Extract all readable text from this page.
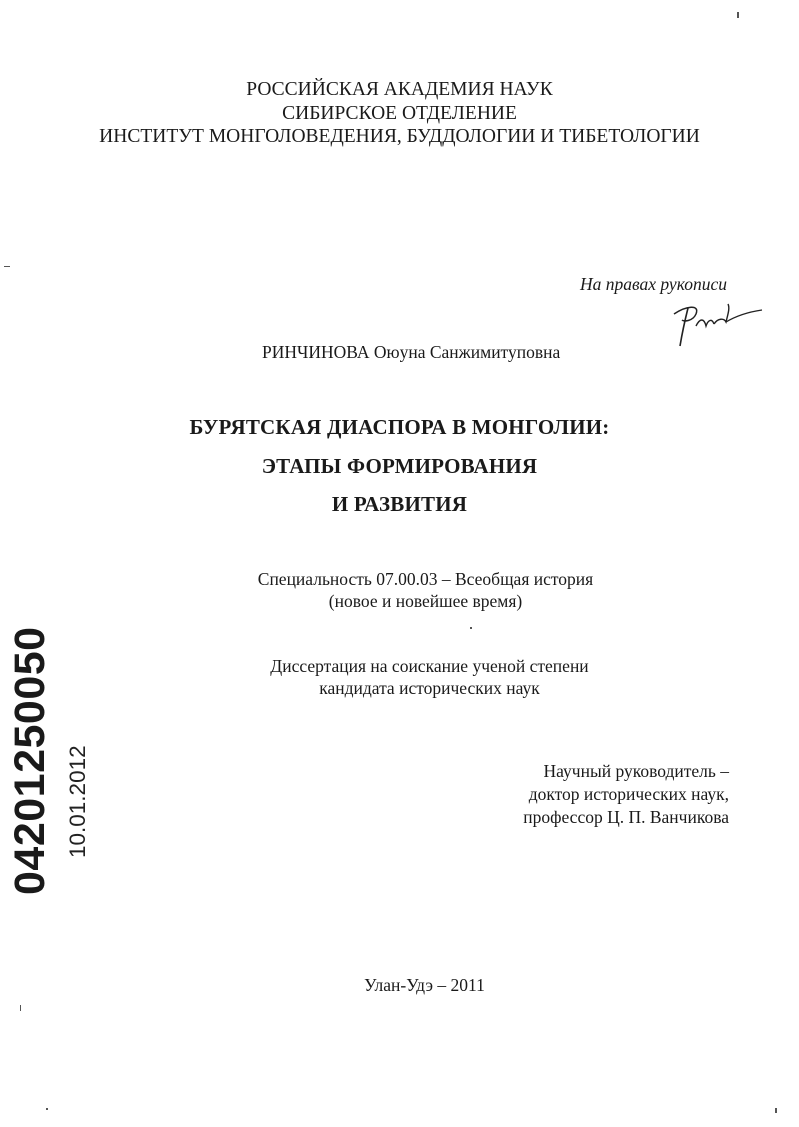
РОССИЙСКАЯ АКАДЕМИЯ НАУК
СИБИРСКОЕ ОТДЕЛЕНИЕ
ИНСТИТУТ МОНГОЛОВЕДЕНИЯ, БУДДОЛОГИИ И ТИБЕТОЛОГИИ
На правах рукописи
РИНЧИНОВА Оюуна Санжимитуповна
БУРЯТСКАЯ ДИАСПОРА В МОНГОЛИИ:
ЭТАПЫ ФОРМИРОВАНИЯ
И РАЗВИТИЯ
Специальность 07.00.03 – Всеобщая история
(новое и новейшее время)
Диссертация на соискание ученой степени
кандидата исторических наук
Научный руководитель –
доктор исторических наук,
профессор Ц. П. Ванчикова
Улан-Удэ – 2011
04201250050 10.01.2012
